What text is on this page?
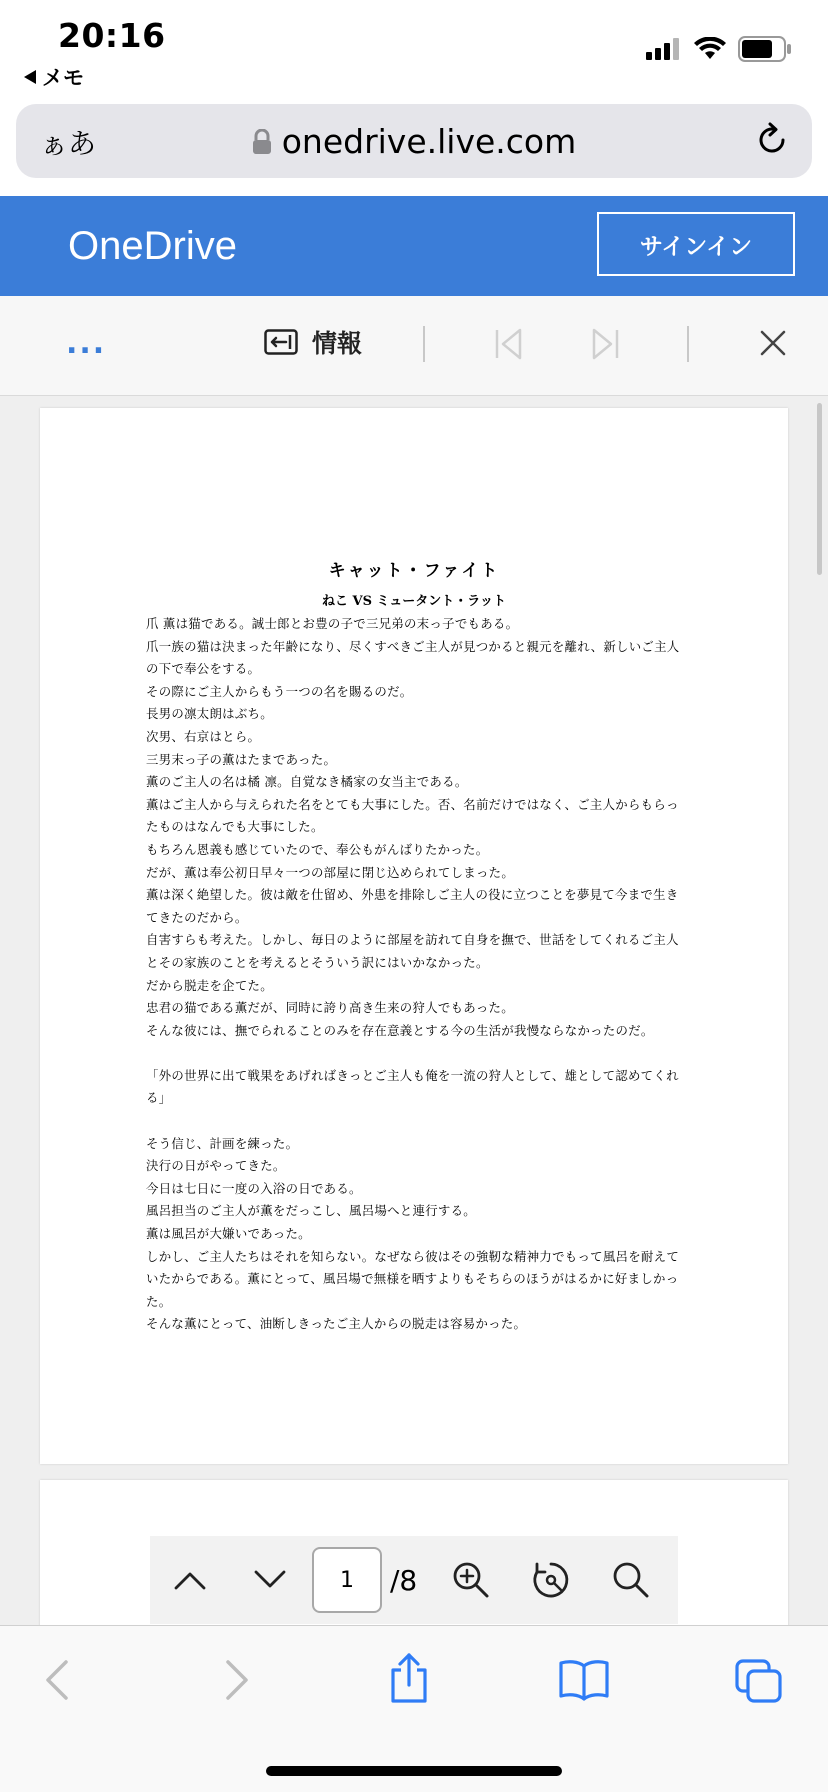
20:16
メモ
ぁあ	onedrive.live.com
OneDrive	サインイン
...	情報
キャット・ファイト
ねこ VS ミュータント・ラット

爪 薫は猫である。誠士郎とお豊の子で三兄弟の末っ子でもある。

爪一族の猫は決まった年齢になり、尽くすべきご主人が見つかると親元を離れ、新しいご主人の下で奉公をする。

その際にご主人からもう一つの名を賜るのだ。

長男の凛太朗はぶち。

次男、右京はとら。

三男末っ子の薫はたまであった。

薫のご主人の名は橘 凛。自覚なき橘家の女当主である。

薫はご主人から与えられた名をとても大事にした。否、名前だけではなく、ご主人からもらったものはなんでも大事にした。

もちろん恩義も感じていたので、奉公もがんばりたかった。

だが、薫は奉公初日早々一つの部屋に閉じ込められてしまった。

薫は深く絶望した。彼は敵を仕留め、外患を排除しご主人の役に立つことを夢見て今まで生きてきたのだから。

自害すらも考えた。しかし、毎日のように部屋を訪れて自身を撫で、世話をしてくれるご主人とその家族のことを考えるとそういう訳にはいかなかった。

だから脱走を企てた。

忠君の猫である薫だが、同時に誇り高き生来の狩人でもあった。

そんな彼には、撫でられることのみを存在意義とする今の生活が我慢ならなかったのだ。

「外の世界に出て戦果をあげればきっとご主人も俺を一流の狩人として、雄として認めてくれる」

そう信じ、計画を練った。

決行の日がやってきた。

今日は七日に一度の入浴の日である。

風呂担当のご主人が薫をだっこし、風呂場へと連行する。

薫は風呂が大嫌いであった。

しかし、ご主人たちはそれを知らない。なぜなら彼はその強靭な精神力でもって風呂を耐えていたからである。薫にとって、風呂場で無様を晒すよりもそちらのほうがはるかに好ましかった。

そんな薫にとって、油断しきったご主人からの脱走は容易かった。

1	/8
